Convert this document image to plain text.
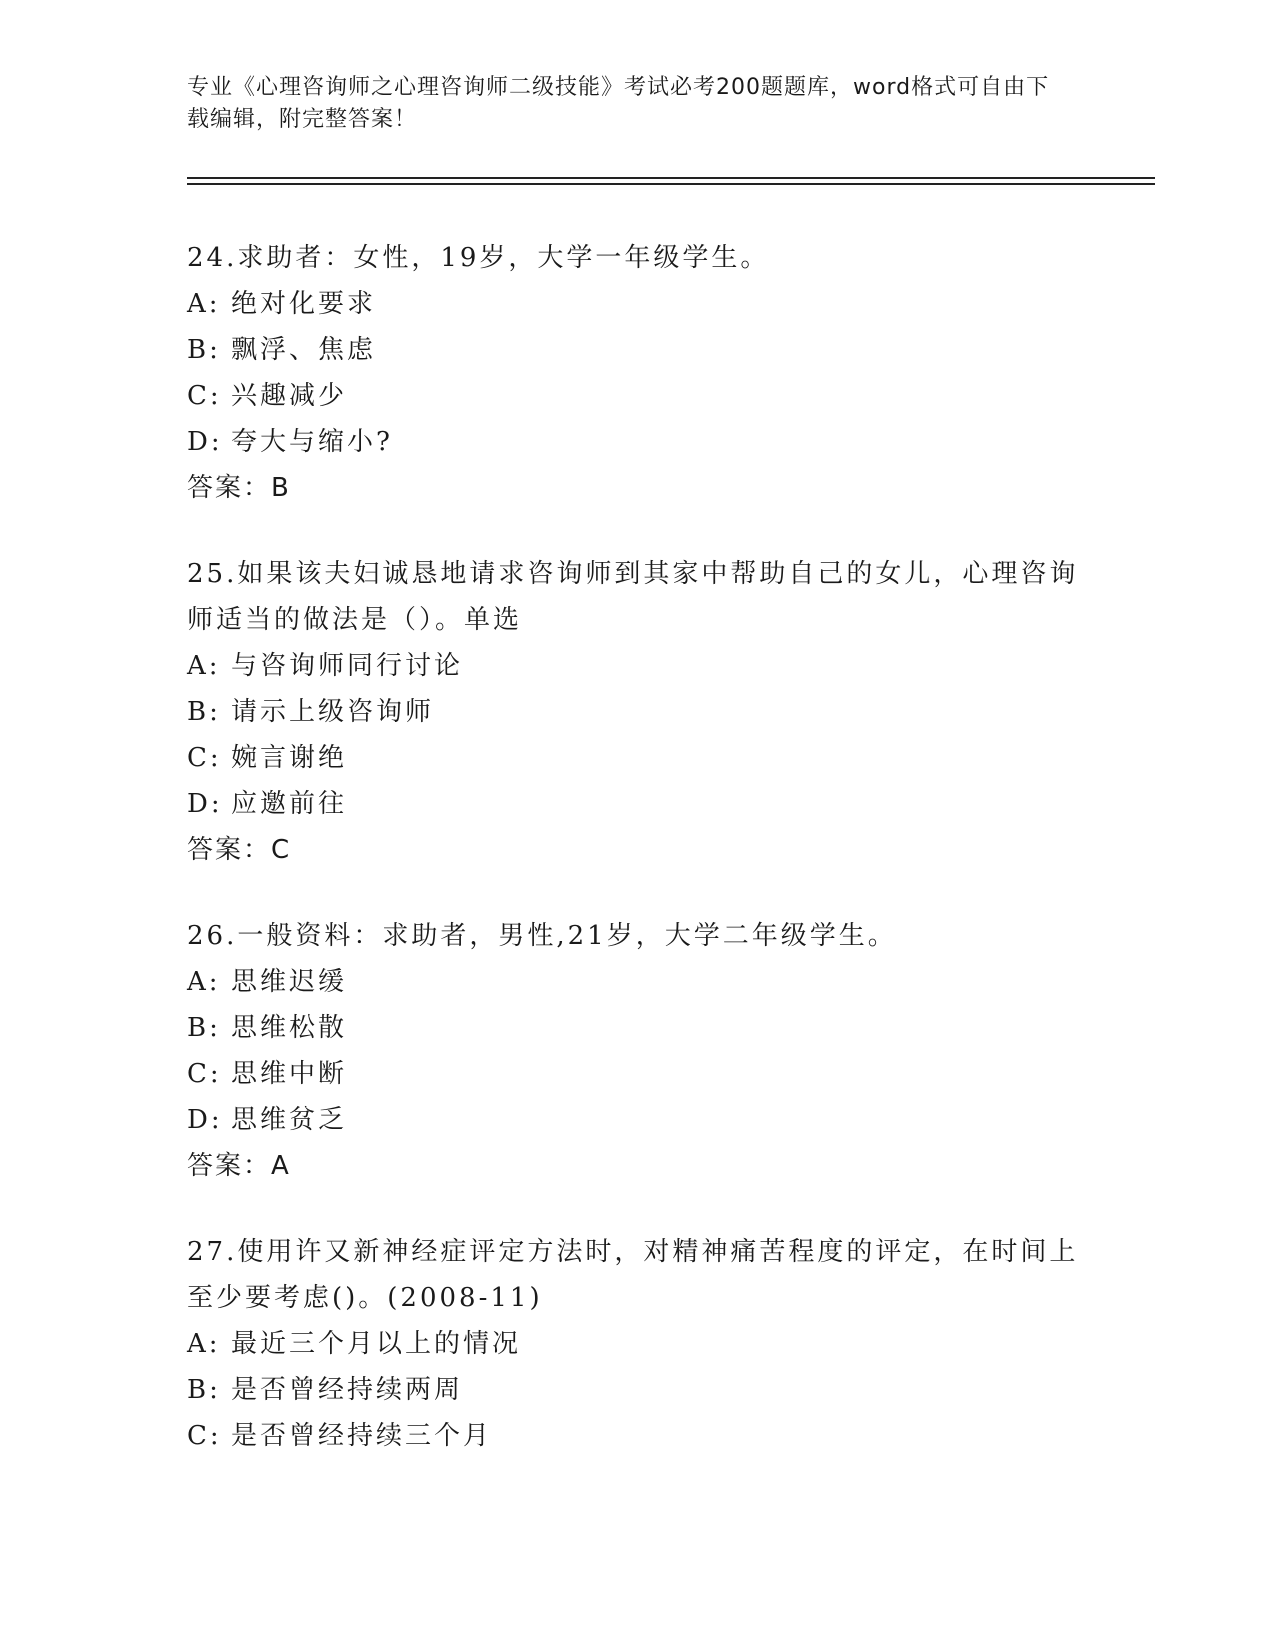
专业《心理咨询师之心理咨询师二级技能》考试必考200题题库，word格式可自由下载编辑，附完整答案！

24.求助者：女性，19岁，大学一年级学生。

A: 绝对化要求

B: 飘浮、焦虑

C: 兴趣减少

D: 夸大与缩小?

答案：B

25.如果该夫妇诚恳地请求咨询师到其家中帮助自己的女儿，心理咨询师适当的做法是（）。单选

A: 与咨询师同行讨论

B: 请示上级咨询师

C: 婉言谢绝

D: 应邀前往

答案：C

26.一般资料：求助者，男性,21岁，大学二年级学生。

A: 思维迟缓

B: 思维松散

C: 思维中断

D: 思维贫乏

答案：A

27.使用许又新神经症评定方法时，对精神痛苦程度的评定，在时间上至少要考虑()。(2008-11)

A: 最近三个月以上的情况

B: 是否曾经持续两周

C: 是否曾经持续三个月
